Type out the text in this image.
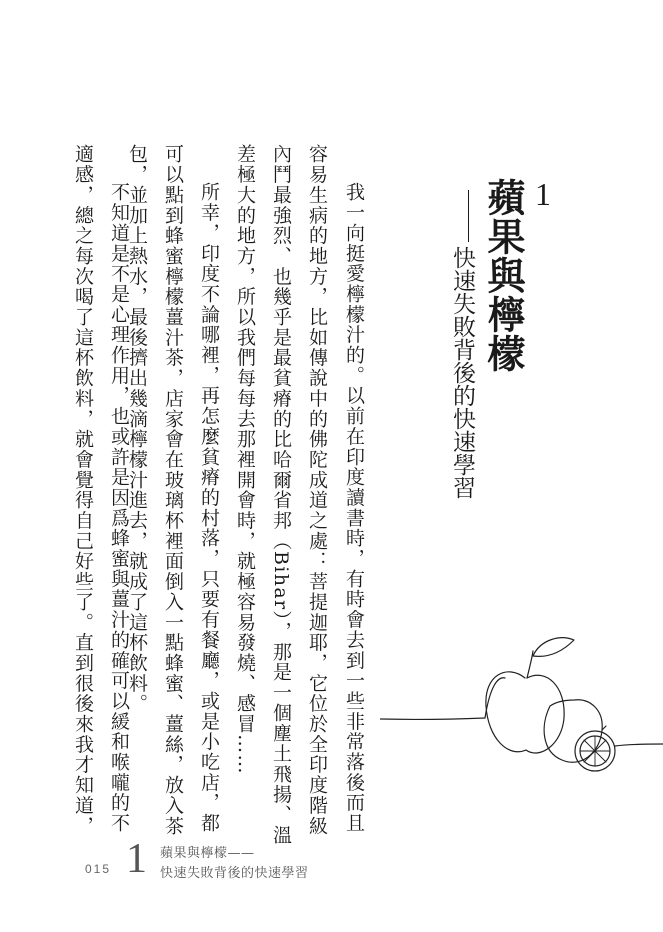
1
蘋果與檸檬
快速失敗背後的快速學習
我一向挺愛檸檬汁的。以前在印度讀書時，有時會去到一些非常落後而且
容易生病的地方，比如傳說中的佛陀成道之處：菩提迦耶，它位於全印度階級
內鬥最強烈、也幾乎是最貧瘠的比哈爾省邦（Bihar），那是一個塵土飛揚、溫
差極大的地方，所以我們每每去那裡開會時，就極容易發燒、感冒……
所幸，印度不論哪裡，再怎麼貧瘠的村落，只要有餐廳，或是小吃店，都
可以點到蜂蜜檸檬薑汁茶，店家會在玻璃杯裡面倒入一點蜂蜜、薑絲，放入茶
包，並加上熱水，最後擠出幾滴檸檬汁進去，就成了這杯飲料。
不知道是不是心理作用，也或許是因爲蜂蜜與薑汁的確可以緩和喉嚨的不
適感，總之每次喝了這杯飲料，就會覺得自己好些了。直到很後來我才知道，
015 1 蘋果與檸檬——
快速失敗背後的快速學習
